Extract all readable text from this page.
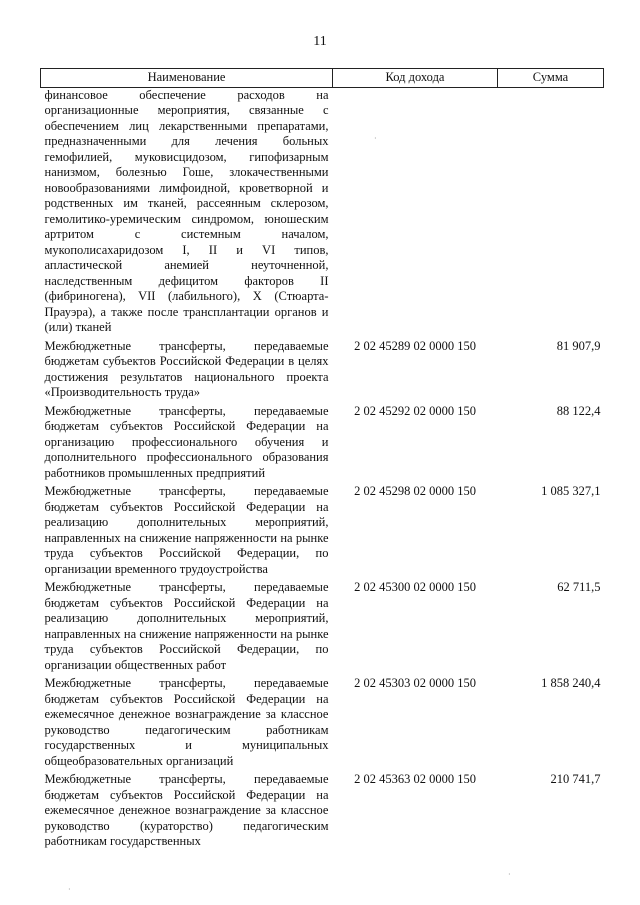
11
Наименование	Код дохода	Сумма
финансовое обеспечение расходов на организационные мероприятия, связанные с обеспечением лиц лекарственными препаратами, предназначенными для лечения больных гемофилией, муковисцидозом, гипофизарным нанизмом, болезнью Гоше, злокачественными новообразованиями лимфоидной, кроветворной и родственных им тканей, рассеянным склерозом, гемолитико-уремическим синдромом, юношеским артритом с системным началом, мукополисахаридозом I, II и VI типов, апластической анемией неуточненной, наследственным дефицитом факторов II (фибриногена), VII (лабильного), X (Стюарта-Прауэра), а также после трансплантации органов и (или) тканей		
Межбюджетные трансферты, передаваемые бюджетам субъектов Российской Федерации в целях достижения результатов национального проекта «Производительность труда»	2 02 45289 02 0000 150	81 907,9
Межбюджетные трансферты, передаваемые бюджетам субъектов Российской Федерации на организацию профессионального обучения и дополнительного профессионального образования работников промышленных предприятий	2 02 45292 02 0000 150	88 122,4
Межбюджетные трансферты, передаваемые бюджетам субъектов Российской Федерации на реализацию дополнительных мероприятий, направленных на снижение напряженности на рынке труда субъектов Российской Федерации, по организации временного трудоустройства	2 02 45298 02 0000 150	1 085 327,1
Межбюджетные трансферты, передаваемые бюджетам субъектов Российской Федерации на реализацию дополнительных мероприятий, направленных на снижение напряженности на рынке труда субъектов Российской Федерации, по организации общественных работ	2 02 45300 02 0000 150	62 711,5
Межбюджетные трансферты, передаваемые бюджетам субъектов Российской Федерации на ежемесячное денежное вознаграждение за классное руководство педагогическим работникам государственных и муниципальных общеобразовательных организаций	2 02 45303 02 0000 150	1 858 240,4
Межбюджетные трансферты, передаваемые бюджетам субъектов Российской Федерации на ежемесячное денежное вознаграждение за классное руководство (кураторство) педагогическим работникам государственных	2 02 45363 02 0000 150	210 741,7
·
·
·
